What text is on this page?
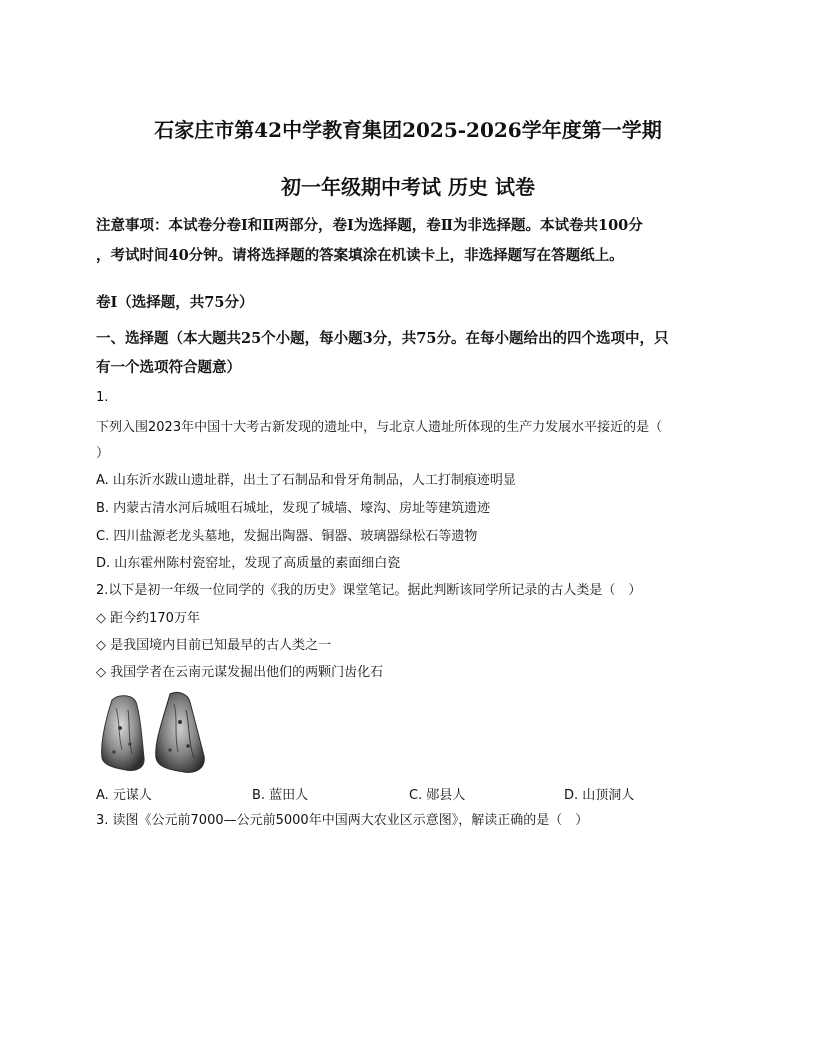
石家庄市第42中学教育集团2025-2026学年度第一学期
初一年级期中考试 历史 试卷
注意事项：本试卷分卷Ⅰ和Ⅱ两部分，卷Ⅰ为选择题，卷Ⅱ为非选择题。本试卷共100分
，考试时间40分钟。请将选择题的答案填涂在机读卡上，非选择题写在答题纸上。
卷Ⅰ（选择题，共75分）
一、选择题（本大题共25个小题，每小题3分，共75分。在每小题给出的四个选项中，只
有一个选项符合题意）
1.
下列入围2023年中国十大考古新发现的遗址中，与北京人遗址所体现的生产力发展水平接近的是（
）
A. 山东沂水跋山遗址群，出土了石制品和骨牙角制品，人工打制痕迹明显
B. 内蒙古清水河后城咀石城址，发现了城墙、壕沟、房址等建筑遗迹
C. 四川盐源老龙头墓地，发掘出陶器、铜器、玻璃器绿松石等遗物
D. 山东霍州陈村瓷窑址，发现了高质量的素面细白瓷
2.以下是初一年级一位同学的《我的历史》课堂笔记。据此判断该同学所记录的古人类是（　）
◇ 距今约170万年
◇ 是我国境内目前已知最早的古人类之一
◇ 我国学者在云南元谋发掘出他们的两颗门齿化石
A. 元谋人	B. 蓝田人	C. 郧县人	D. 山顶洞人
3. 读图《公元前7000—公元前5000年中国两大农业区示意图》，解读正确的是（　）
